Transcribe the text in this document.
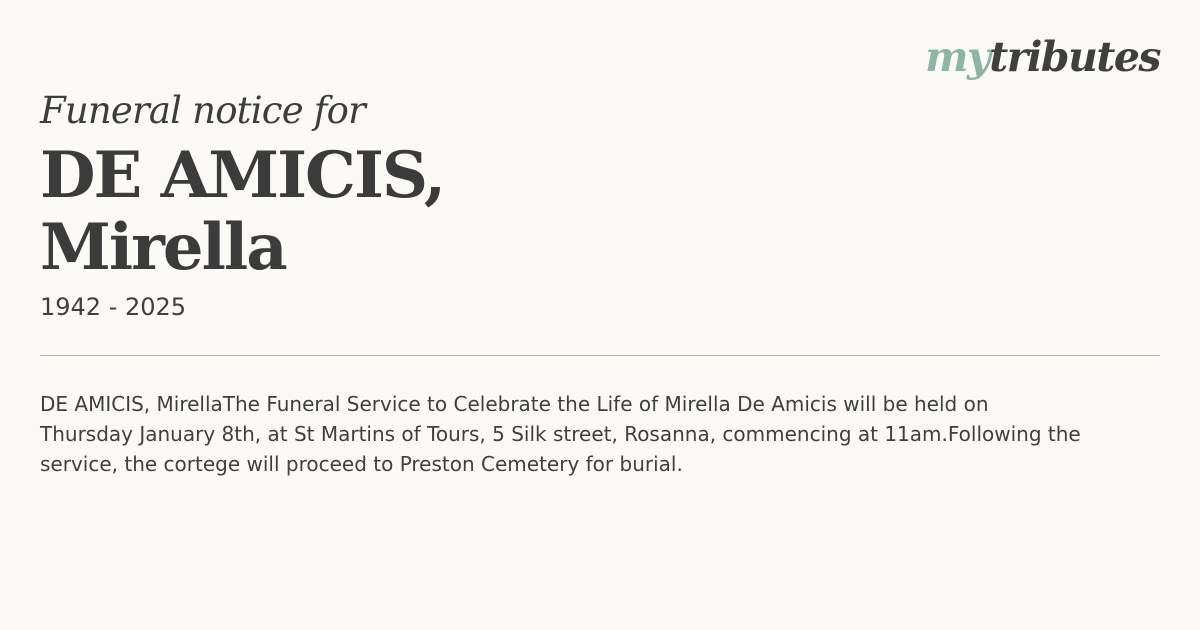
mytributes
Funeral notice for
DE AMICIS,
Mirella
1942 - 2025
DE AMICIS, MirellaThe Funeral Service to Celebrate the Life of Mirella De Amicis will be held on Thursday January 8th, at St Martins of Tours, 5 Silk street, Rosanna, commencing at 11am.Following the service, the cortege will proceed to Preston Cemetery for burial.
